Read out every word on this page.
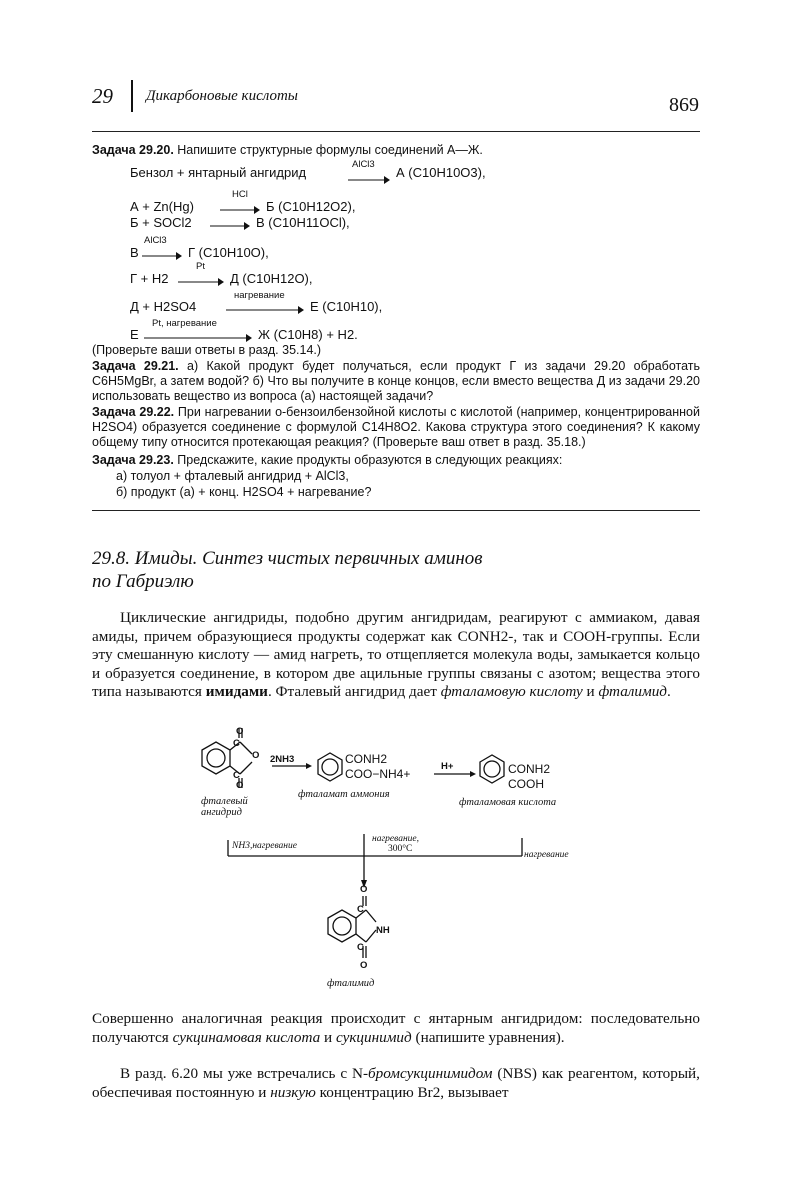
29 Дикарбоновые кислоты	869
Задача 29.20. Напишите структурные формулы соединений А—Ж.
Бензол + янтарный ангидрид
AlCl3
→ А (C10H10O3),
А + Zn(Hg)
HCl
→ Б (C10H12O2),
Б + SOCl2 → В (C10H11OCl),
AlCl3
В → Г (C10H10O),
Pt
Г + H2 → Д (C10H12O),
нагревание
Д + H2SO4	Е (C10H10),
Pt, нагревание
Е	Ж (C10H8) + H2.
(Проверьте ваши ответы в разд. 35.14.)
Задача 29.21. а) Какой продукт будет получаться, если продукт Г из задачи 29.20 обработать C6H5MgBr, а затем водой? б) Что вы получите в конце концов, если вместо вещества Д из задачи 29.20 использовать вещество из вопроса (а) настоящей задачи?
Задача 29.22. При нагревании о-бензоилбензойной кислоты с кислотой (например, концентрированной H2SO4) образуется соединение с формулой C14H8O2. Какова структура этого соединения? К какому общему типу относится протекающая реакция? (Проверьте ваш ответ в разд. 35.18.)
Задача 29.23. Предскажите, какие продукты образуются в следующих реакциях:
а) толуол + фталевый ангидрид + AlCl3,
б) продукт (а) + конц. H2SO4 + нагревание?
29.8. Имиды. Синтез чистых первичных аминов
по Габриэлю
Циклические ангидриды, подобно другим ангидридам, реагируют с аммиаком, давая амиды, причем образующиеся продукты содержат как CONH2-, так и COOH-группы. Если эту смешанную кислоту — амид нагреть, то отщепляется молекула воды, замыкается кольцо и образуется соединение, в котором две ацильные группы связаны с азотом; вещества этого типа называются имидами. Фталевый ангидрид дает фталамовую кислоту и фталимид.
O
O
O
C
C
фталевый ангидрид
2NH3	CONH2
COO−NH4+
фталамат аммония
H+	CONH2
COOH
фталамовая кислота
NH3,нагревание
нагревание,
300°C
нагревание
O
C
NH
C
O
фталимид
Совершенно аналогичная реакция происходит с янтарным ангидридом: последовательно получаются сукцинамовая кислота и сукцинимид (напишите уравнения).
В разд. 6.20 мы уже встречались с N-бромсукцинимидом (NBS) как реагентом, который, обеспечивая постоянную и низкую концентрацию Br2, вызывает
